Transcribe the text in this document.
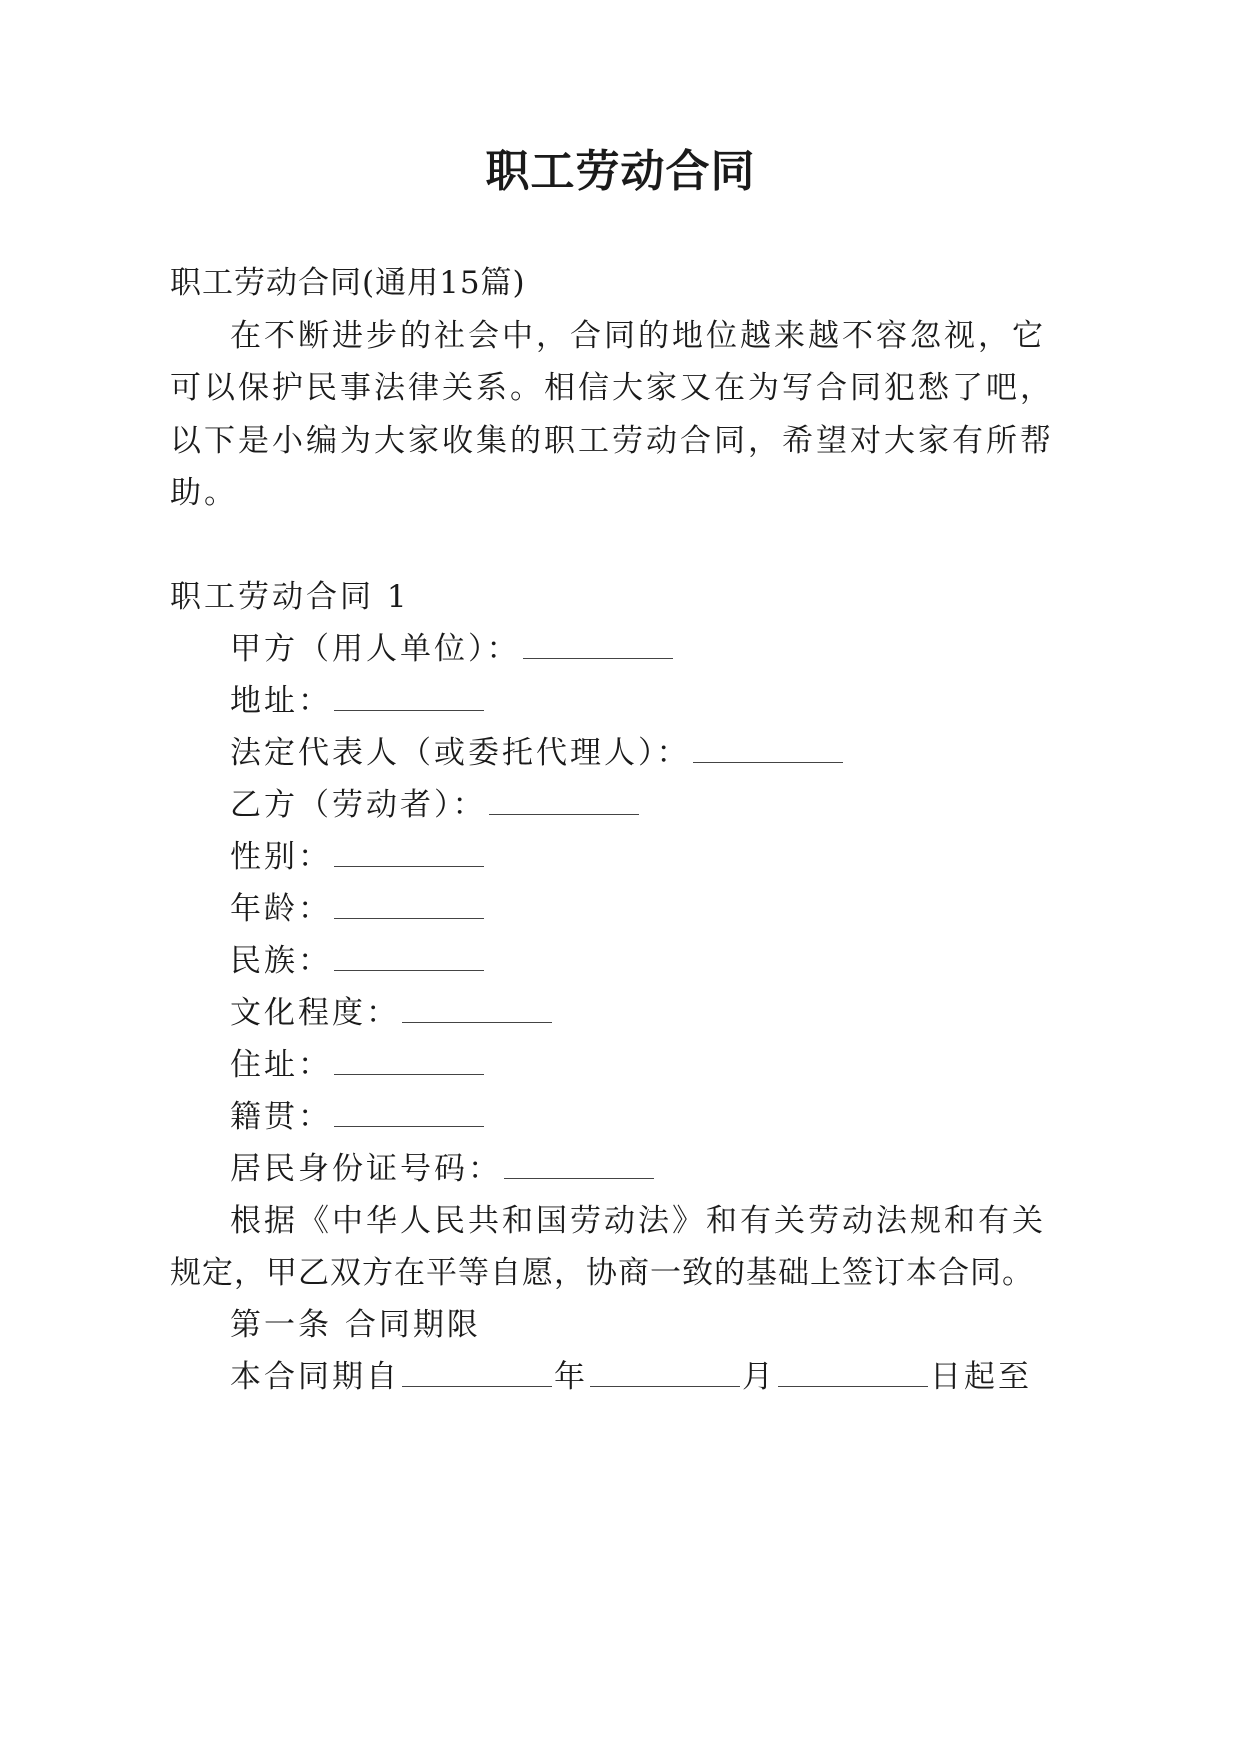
职工劳动合同
职工劳动合同(通用15篇)
在不断进步的社会中，合同的地位越来越不容忽视，它
可以保护民事法律关系。相信大家又在为写合同犯愁了吧，
以下是小编为大家收集的职工劳动合同，希望对大家有所帮
助。
职工劳动合同 1
甲方（用人单位）：
地址：
法定代表人（或委托代理人）：
乙方（劳动者）：
性别：
年龄：
民族：
文化程度：
住址：
籍贯：
居民身份证号码：
根据《中华人民共和国劳动法》和有关劳动法规和有关
规定，甲乙双方在平等自愿，协商一致的基础上签订本合同。
第一条 合同期限
本合同期自	年	月	日起至
